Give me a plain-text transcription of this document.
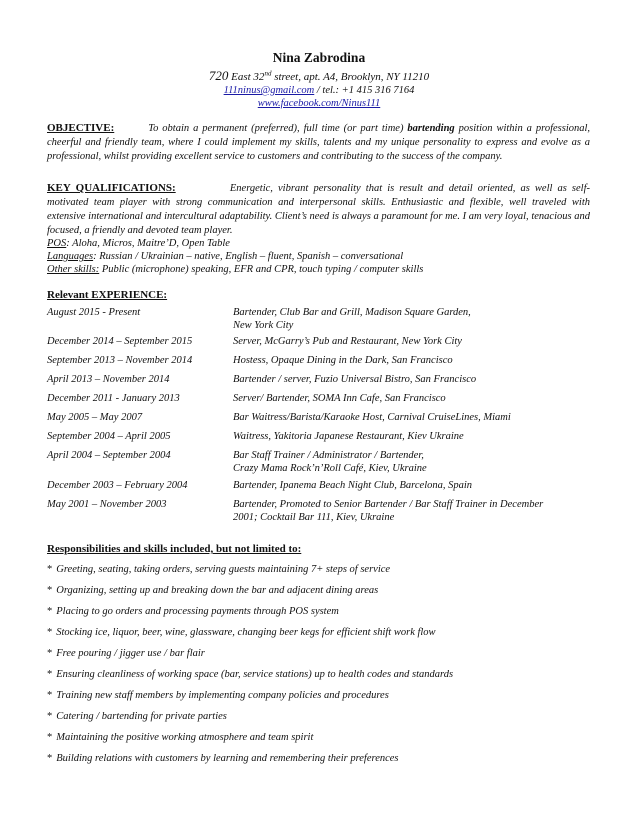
Nina Zabrodina
720 East 32nd street, apt. A4, Brooklyn, NY 11210
111ninus@gmail.com / tel.: +1 415 316 7164
www.facebook.com/Ninus111
OBJECTIVE:	To obtain a permanent (preferred), full time (or part time) bartending position within a professional, cheerful and friendly team, where I could implement my skills, talents and my unique personality to express and evolve as a professional, whilst providing excellent service to customers and contributing to the success of the company.
KEY QUALIFICATIONS:	Energetic, vibrant personality that is result and detail oriented, as well as self-motivated team player with strong communication and interpersonal skills. Enthusiastic and flexible, well traveled with extensive international and intercultural adaptability. Client’s need is always a paramount for me. I am very loyal, tenacious and focused, a friendly and devoted team player.
POS: Aloha, Micros, Maitre’D, Open Table
Languages: Russian / Ukrainian – native, English – fluent, Spanish – conversational
Other skills: Public (microphone) speaking, EFR and CPR, touch typing / computer skills
Relevant EXPERIENCE:
August 2015 - Present	Bartender, Club Bar and Grill, Madison Square Garden,
New York City
December 2014 – September 2015	Server, McGarry’s Pub and Restaurant, New York City
September 2013 – November 2014	Hostess, Opaque Dining in the Dark, San Francisco
April 2013 – November 2014	Bartender / server, Fuzio Universal Bistro, San Francisco
December 2011 - January 2013	Server/ Bartender, SOMA Inn Cafe, San Francisco
May 2005 – May 2007	Bar Waitress/Barista/Karaoke Host, Carnival CruiseLines, Miami
September 2004 – April 2005	Waitress, Yakitoria Japanese Restaurant, Kiev Ukraine
April 2004 – September 2004	Bar Staff Trainer / Administrator / Bartender,
Crazy Mama Rock’n’Roll Café, Kiev, Ukraine
December 2003 – February 2004	Bartender, Ipanema Beach Night Club, Barcelona, Spain
May 2001 – November 2003	Bartender, Promoted to Senior Bartender / Bar Staff Trainer in December
2001; Cocktail Bar 111, Kiev, Ukraine
Responsibilities and skills included, but not limited to:
* Greeting, seating, taking orders, serving guests maintaining 7+ steps of service
* Organizing, setting up and breaking down the bar and adjacent dining areas
* Placing to go orders and processing payments through POS system
* Stocking ice, liquor, beer, wine, glassware, changing beer kegs for efficient shift work flow
* Free pouring / jigger use / bar flair
* Ensuring cleanliness of working space (bar, service stations) up to health codes and standards
* Training new staff members by implementing company policies and procedures
* Catering / bartending for private parties
* Maintaining the positive working atmosphere and team spirit
* Building relations with customers by learning and remembering their preferences
